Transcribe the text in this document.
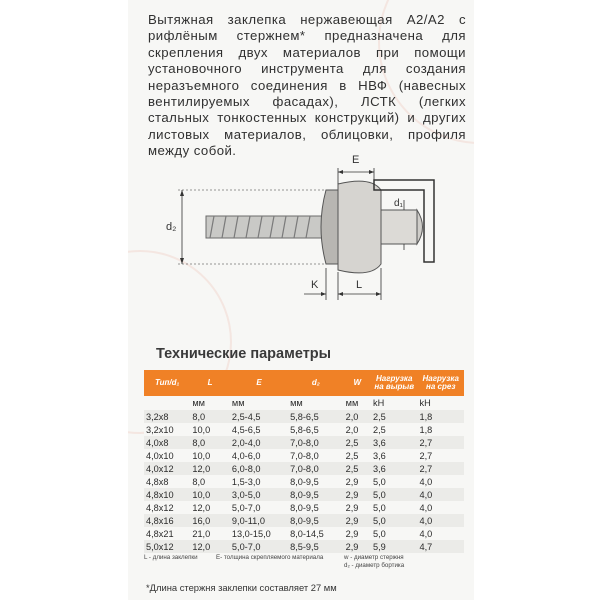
Вытяжная заклепка нержавеющая А2/А2 с рифлёным стержнем* предназначена для скрепления двух материалов при помощи установочного инструмента для создания неразъемного соединения в НВФ (навесных вентилируемых фасадах), ЛСТК (легких стальных тонкостенных конструкций) и других листовых материалов, облицовки, профиля между собой.
E
d₁
d₂
K	L
Технические параметры
Тип/d₁	L	E	d₂	W	Нагрузка на вырыв	Нагрузка на срез
	мм	мм	мм	мм	kH	kH
3,2x8	8,0	2,5-4,5	5,8-6,5	2,0	2,5	1,8
3,2x10	10,0	4,5-6,5	5,8-6,5	2,0	2,5	1,8
4,0x8	8,0	2,0-4,0	7,0-8,0	2,5	3,6	2,7
4,0x10	10,0	4,0-6,0	7,0-8,0	2,5	3,6	2,7
4,0x12	12,0	6,0-8,0	7,0-8,0	2,5	3,6	2,7
4,8x8	8,0	1,5-3,0	8,0-9,5	2,9	5,0	4,0
4,8x10	10,0	3,0-5,0	8,0-9,5	2,9	5,0	4,0
4,8x12	12,0	5,0-7,0	8,0-9,5	2,9	5,0	4,0
4,8x16	16,0	9,0-11,0	8,0-9,5	2,9	5,0	4,0
4,8x21	21,0	13,0-15,0	8,0-14,5	2,9	5,0	4,0
5,0x12	12,0	5,0-7,0	8,5-9,5	2,9	5,9	4,7
L - длина заклепки	E- толщина скрепляемого материала	w - диаметр стержня
d₂ - диаметр бортика
*Длина стержня заклепки составляет 27 мм
